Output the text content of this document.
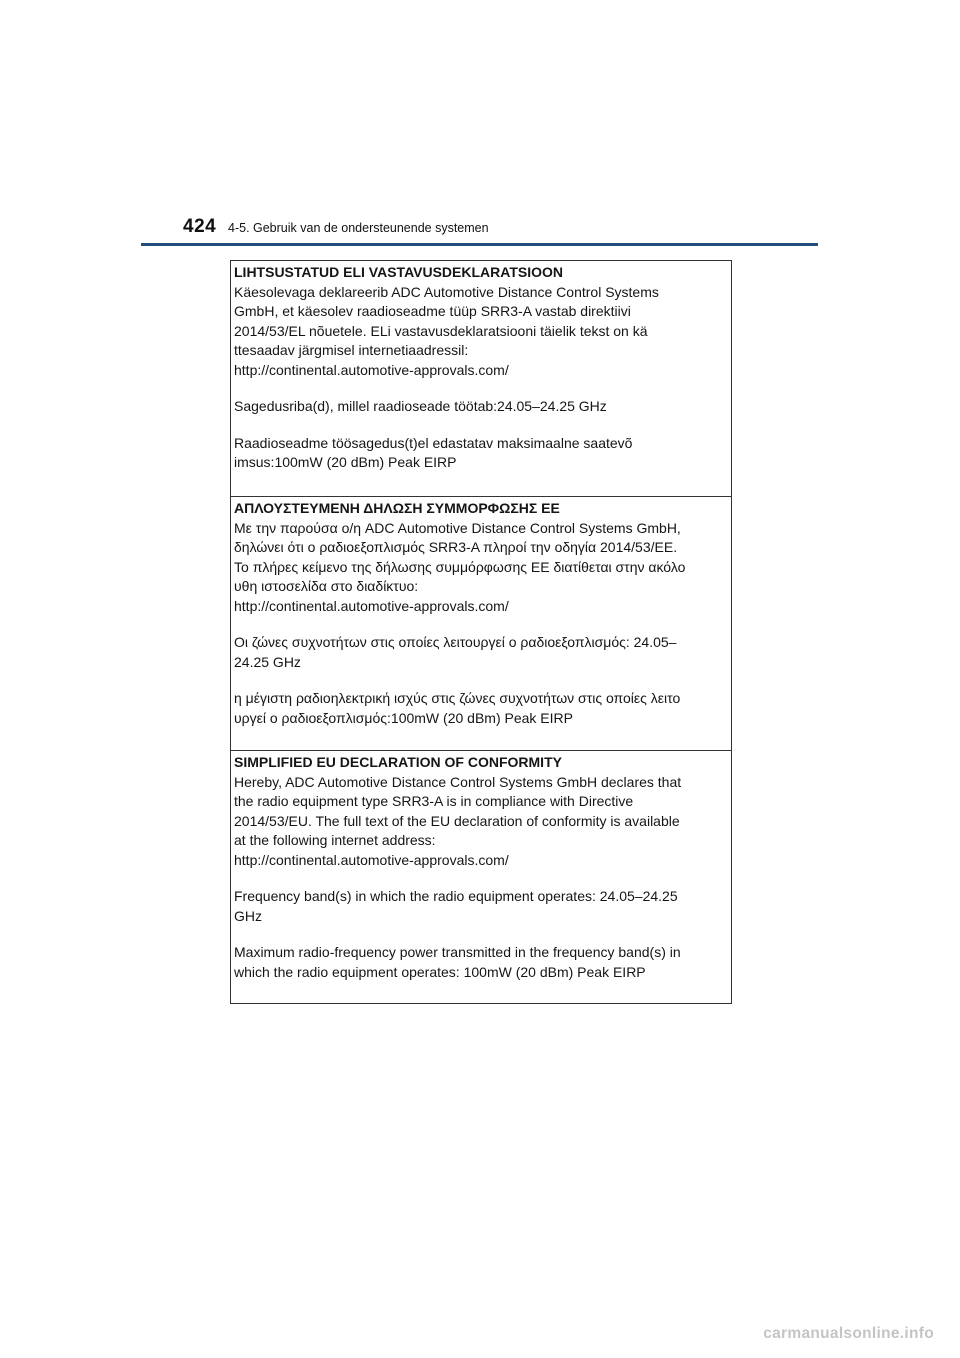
424 4-5. Gebruik van de ondersteunende systemen

LIHTSUSTATUD ELI VASTAVUSDEKLARATSIOON

Käesolevaga deklareerib ADC Automotive Distance Control Systems

GmbH, et käesolev raadioseadme tüüp SRR3-A vastab direktiivi

2014/53/EL nõuetele. ELi vastavusdeklaratsiooni täielik tekst on kä

ttesaadav järgmisel internetiaadressil:

http://continental.automotive-approvals.com/

Sagedusriba(d), millel raadioseade töötab:24.05–24.25 GHz

Raadioseadme töösagedus(t)el edastatav maksimaalne saatevõ

imsus:100mW (20 dBm) Peak EIRP

ΑΠΛΟΥΣΤΕΥΜΕΝΗ ΔΗΛΩΣΗ ΣΥΜΜΟΡΦΩΣΗΣ ΕΕ

Με την παρούσα ο/η ADC Automotive Distance Control Systems GmbH,

δηλώνει ότι ο ραδιοεξοπλισμός SRR3-A πληροί την οδηγία 2014/53/ΕΕ.

Το πλήρες κείμενο της δήλωσης συμμόρφωσης ΕΕ διατίθεται στην ακόλο

υθη ιστοσελίδα στο διαδίκτυο:

http://continental.automotive-approvals.com/

Οι ζώνες συχνοτήτων στις οποίες λειτουργεί ο ραδιοεξοπλισμός: 24.05–

24.25 GHz

η μέγιστη ραδιοηλεκτρική ισχύς στις ζώνες συχνοτήτων στις οποίες λειτο

υργεί ο ραδιοεξοπλισμός:100mW (20 dBm) Peak EIRP

SIMPLIFIED EU DECLARATION OF CONFORMITY

Hereby, ADC Automotive Distance Control Systems GmbH declares that

the radio equipment type SRR3-A is in compliance with Directive

2014/53/EU. The full text of the EU declaration of conformity is available

at the following internet address:

http://continental.automotive-approvals.com/

Frequency band(s) in which the radio equipment operates: 24.05–24.25

GHz

Maximum radio-frequency power transmitted in the frequency band(s) in

which the radio equipment operates: 100mW (20 dBm) Peak EIRP

carmanualsonline.info
